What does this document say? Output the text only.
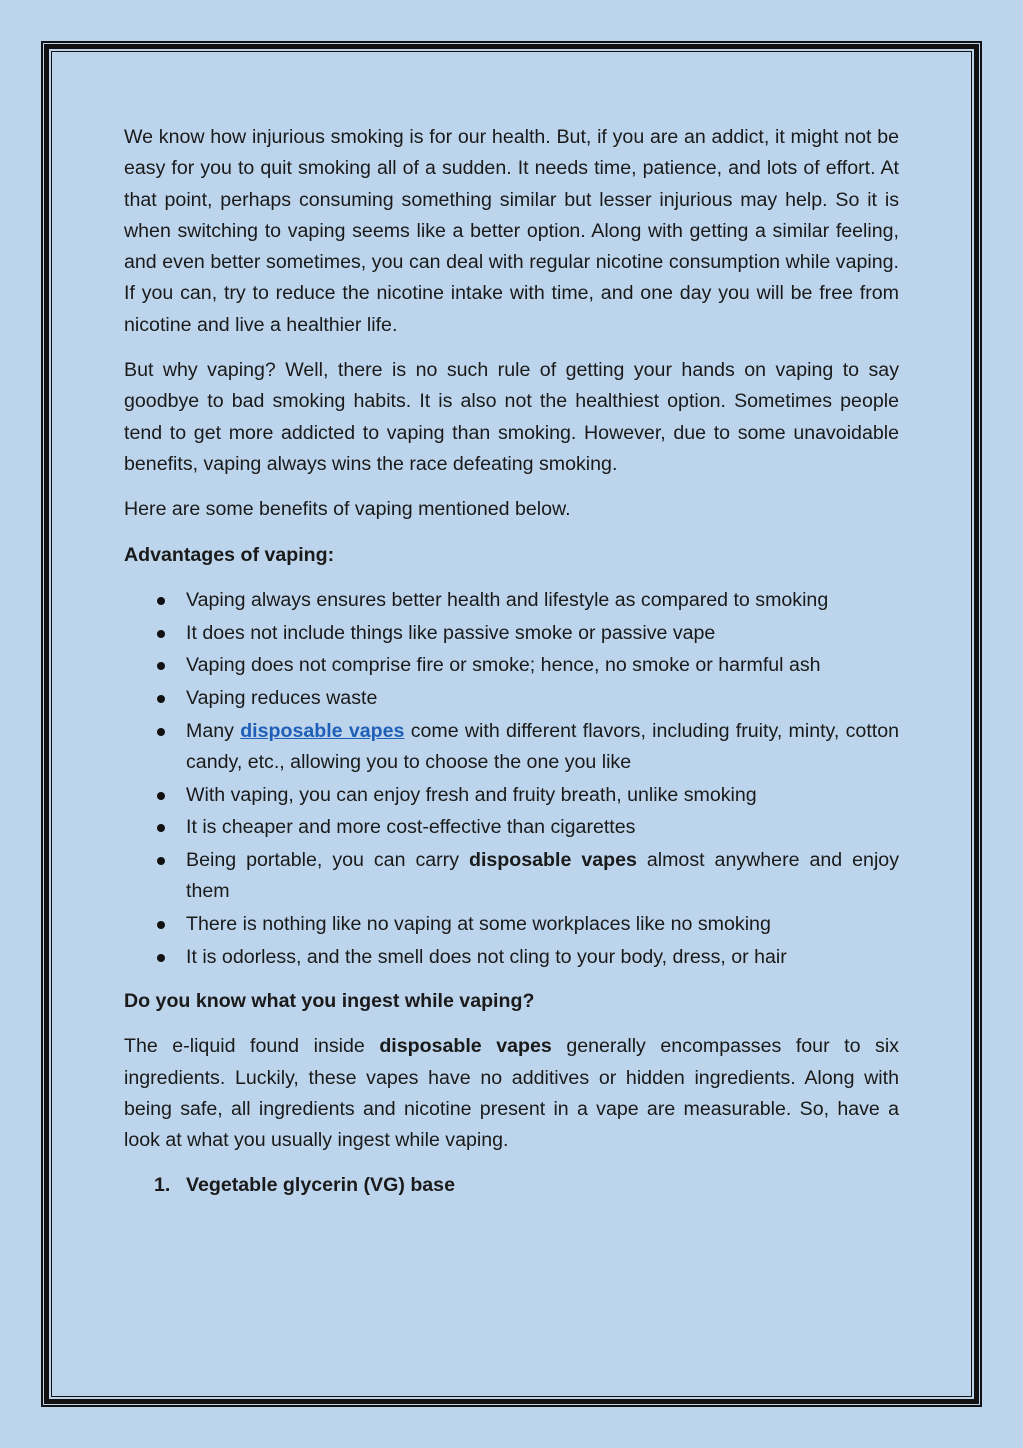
We know how injurious smoking is for our health. But, if you are an addict, it might not be easy for you to quit smoking all of a sudden. It needs time, patience, and lots of effort. At that point, perhaps consuming something similar but lesser injurious may help. So it is when switching to vaping seems like a better option. Along with getting a similar feeling, and even better sometimes, you can deal with regular nicotine consumption while vaping. If you can, try to reduce the nicotine intake with time, and one day you will be free from nicotine and live a healthier life.

But why vaping? Well, there is no such rule of getting your hands on vaping to say goodbye to bad smoking habits. It is also not the healthiest option. Sometimes people tend to get more addicted to vaping than smoking. However, due to some unavoidable benefits, vaping always wins the race defeating smoking.

Here are some benefits of vaping mentioned below.

Advantages of vaping:

Vaping always ensures better health and lifestyle as compared to smoking
It does not include things like passive smoke or passive vape
Vaping does not comprise fire or smoke; hence, no smoke or harmful ash
Vaping reduces waste
Many disposable vapes come with different flavors, including fruity, minty, cotton candy, etc., allowing you to choose the one you like
With vaping, you can enjoy fresh and fruity breath, unlike smoking
It is cheaper and more cost-effective than cigarettes
Being portable, you can carry disposable vapes almost anywhere and enjoy them
There is nothing like no vaping at some workplaces like no smoking
It is odorless, and the smell does not cling to your body, dress, or hair

Do you know what you ingest while vaping?

The e-liquid found inside disposable vapes generally encompasses four to six ingredients. Luckily, these vapes have no additives or hidden ingredients. Along with being safe, all ingredients and nicotine present in a vape are measurable. So, have a look at what you usually ingest while vaping.

1. Vegetable glycerin (VG) base
